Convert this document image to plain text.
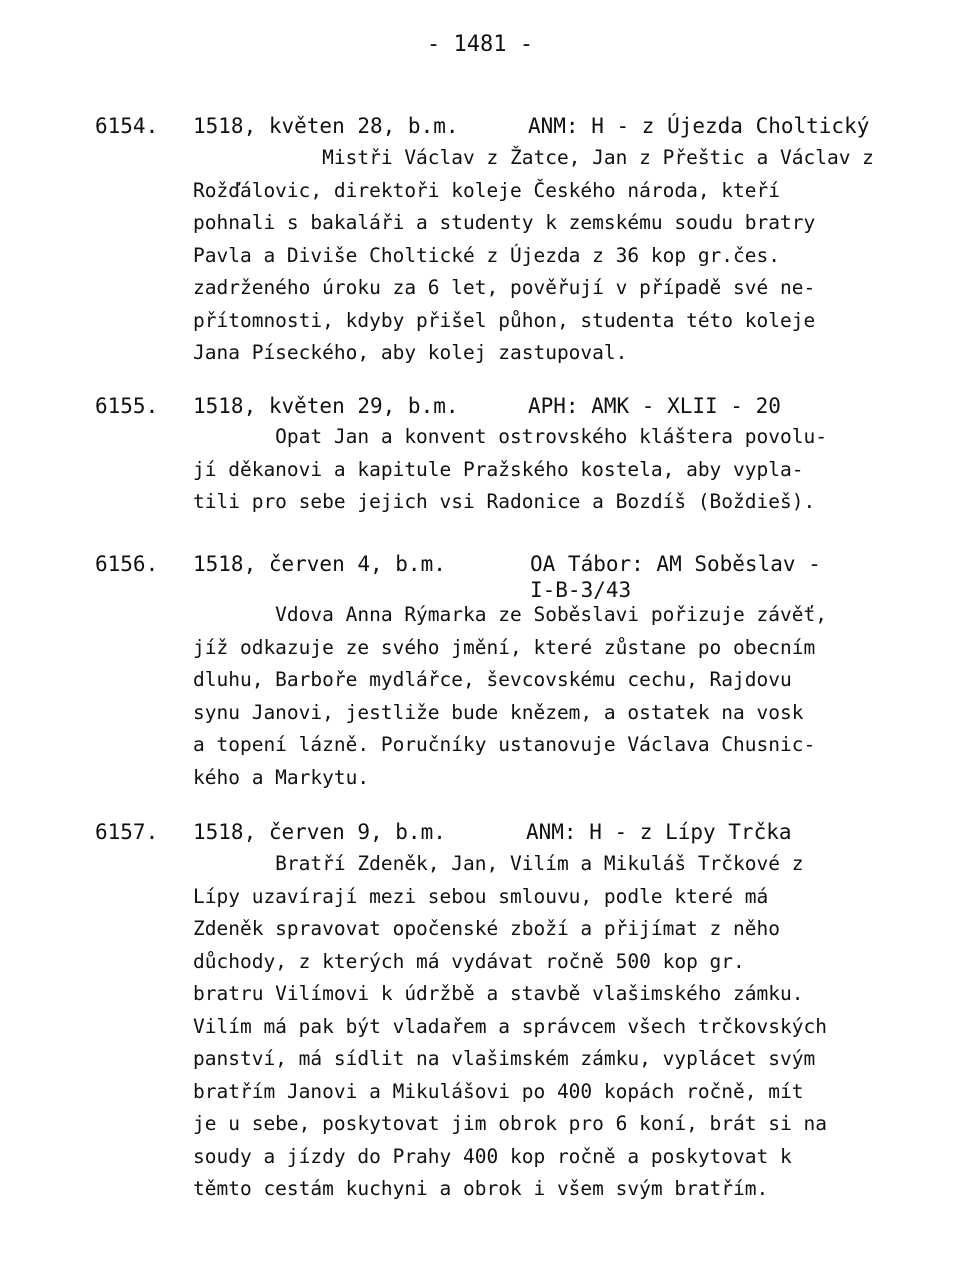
- 1481 -
6154. 1518, květen 28, b.m.	ANM: H - z Újezda Choltický
Mistři Václav z Žatce, Jan z Přeštic a Václav z
Rožďálovic, direktoři koleje Českého národa, kteří
pohnali s bakaláři a studenty k zemskému soudu bratry
Pavla a Diviše Choltické z Újezda z 36 kop gr.čes.
zadrženého úroku za 6 let, pověřují v případě své ne-
přítomnosti, kdyby přišel půhon, studenta této koleje
Jana Píseckého, aby kolej zastupoval.
6155. 1518, květen 29, b.m.	APH: AMK - XLII - 20
Opat Jan a konvent ostrovského kláštera povolu-
jí děkanovi a kapitule Pražského kostela, aby vypla-
tili pro sebe jejich vsi Radonice a Bozdíš (Boždieš).
6156. 1518, červen 4, b.m.	OA Tábor: AM Soběslav -
I-B-3/43
Vdova Anna Rýmarka ze Soběslavi pořizuje závěť,
jíž odkazuje ze svého jmění, které zůstane po obecním
dluhu, Barboře mydlářce, ševcovskému cechu, Rajdovu
synu Janovi, jestliže bude knězem, a ostatek na vosk
a topení lázně. Poručníky ustanovuje Václava Chusnic-
kého a Markytu.
6157. 1518, červen 9, b.m.	ANM: H - z Lípy Trčka
Bratří Zdeněk, Jan, Vilím a Mikuláš Trčkové z
Lípy uzavírají mezi sebou smlouvu, podle které má
Zdeněk spravovat opočenské zboží a přijímat z něho
důchody, z kterých má vydávat ročně 500 kop gr.
bratru Vilímovi k údržbě a stavbě vlašimského zámku.
Vilím má pak být vladařem a správcem všech trčkovských
panství, má sídlit na vlašimském zámku, vyplácet svým
bratřím Janovi a Mikulášovi po 400 kopách ročně, mít
je u sebe, poskytovat jim obrok pro 6 koní, brát si na
soudy a jízdy do Prahy 400 kop ročně a poskytovat k
těmto cestám kuchyni a obrok i všem svým bratřím.
